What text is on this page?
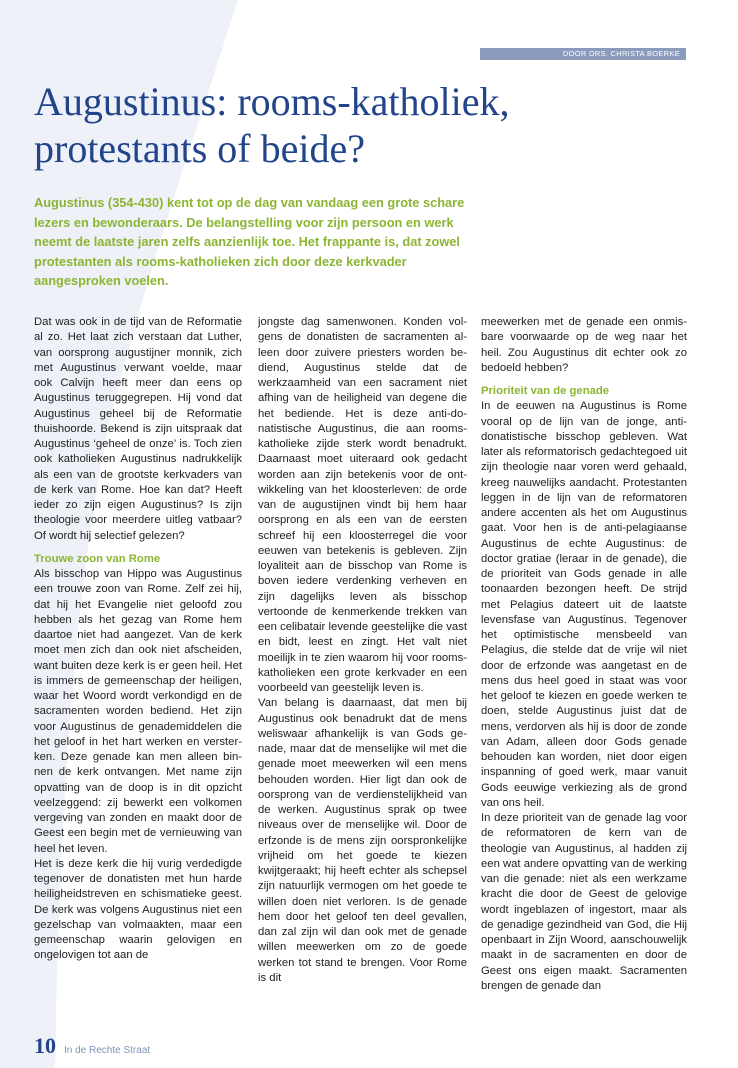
DOOR DRS. CHRISTA BOERKE
Augustinus: rooms-katholiek,
protestants of beide?

Augustinus (354-430) kent tot op de dag van vandaag een grote schare lezers en bewonderaars. De belangstelling voor zijn persoon en werk neemt de laatste jaren zelfs aanzienlijk toe. Het frappante is, dat zowel protestanten als rooms-katholieken zich door deze kerkvader aangesproken voelen.

Dat was ook in de tijd van de Reformatie al zo. Het laat zich verstaan dat Luther, van oorsprong augustijner monnik, zich met Augustinus verwant voelde, maar ook Calvijn heeft meer dan eens op Augustinus teruggegrepen. Hij vond dat Augustinus geheel bij de Reformatie thuishoorde. Bekend is zijn uitspraak dat Augustinus ‘geheel de onze’ is. Toch zien ook katholieken Augustinus nadrukkelijk als een van de grootste kerkvaders van de kerk van Rome. Hoe kan dat? Heeft ieder zo zijn eigen Augustinus? Is zijn theologie voor meerdere uitleg vatbaar? Of wordt hij selectief gelezen?

Trouwe zoon van Rome

Als bisschop van Hippo was Augustinus een trouwe zoon van Rome. Zelf zei hij, dat hij het Evangelie niet geloofd zou hebben als het gezag van Rome hem daartoe niet had aangezet. Van de kerk moet men zich dan ook niet afscheiden, want buiten deze kerk is er geen heil. Het is immers de gemeenschap der heiligen, waar het Woord wordt verkondigd en de sacramenten worden bediend. Het zijn voor Augustinus de genademiddelen die het geloof in het hart werken en versterken. Deze genade kan men alleen binnen de kerk ontvangen. Met name zijn opvatting van de doop is in dit opzicht veelzeggend: zij bewerkt een volkomen vergeving van zonden en maakt door de Geest een begin met de vernieuwing van heel het leven.

Het is deze kerk die hij vurig verdedigde tegenover de donatisten met hun harde heiligheidstreven en schismatieke geest. De kerk was volgens Augustinus niet een gezelschap van volmaakten, maar een gemeenschap waarin gelovigen en ongelovigen tot aan de

jongste dag samenwonen. Konden volgens de donatisten de sacramenten alleen door zuivere priesters worden bediend, Augustinus stelde dat de werkzaamheid van een sacrament niet afhing van de heiligheid van degene die het bediende. Het is deze anti-donatistische Augustinus, die aan rooms-katholieke zijde sterk wordt benadrukt. Daarnaast moet uiteraard ook gedacht worden aan zijn betekenis voor de ontwikkeling van het kloosterleven: de orde van de augustijnen vindt bij hem haar oorsprong en als een van de eersten schreef hij een kloosterregel die voor eeuwen van betekenis is gebleven. Zijn loyaliteit aan de bisschop van Rome is boven iedere verdenking verheven en zijn dagelijks leven als bisschop vertoonde de kenmerkende trekken van een celibatair levende geestelijke die vast en bidt, leest en zingt. Het valt niet moeilijk in te zien waarom hij voor rooms-katholieken een grote kerkvader en een voorbeeld van geestelijk leven is.

Van belang is daarnaast, dat men bij Augustinus ook benadrukt dat de mens weliswaar afhankelijk is van Gods genade, maar dat de menselijke wil met die genade moet meewerken wil een mens behouden worden. Hier ligt dan ook de oorsprong van de verdienstelijkheid van de werken. Augustinus sprak op twee niveaus over de menselijke wil. Door de erfzonde is de mens zijn oorspronkelijke vrijheid om het goede te kiezen kwijtgeraakt; hij heeft echter als schepsel zijn natuurlijk vermogen om het goede te willen doen niet verloren. Is de genade hem door het geloof ten deel gevallen, dan zal zijn wil dan ook met de genade willen meewerken om zo de goede werken tot stand te brengen. Voor Rome is dit

meewerken met de genade een onmisbare voorwaarde op de weg naar het heil. Zou Augustinus dit echter ook zo bedoeld hebben?

Prioriteit van de genade

In de eeuwen na Augustinus is Rome vooral op de lijn van de jonge, anti-donatistische bisschop gebleven. Wat later als reformatorisch gedachtegoed uit zijn theologie naar voren werd gehaald, kreeg nauwelijks aandacht. Protestanten leggen in de lijn van de reformatoren andere accenten als het om Augustinus gaat. Voor hen is de anti-pelagiaanse Augustinus de echte Augustinus: de doctor gratiae (leraar in de genade), die de prioriteit van Gods genade in alle toonaarden bezongen heeft. De strijd met Pelagius dateert uit de laatste levensfase van Augustinus. Tegenover het optimistische mensbeeld van Pelagius, die stelde dat de vrije wil niet door de erfzonde was aangetast en de mens dus heel goed in staat was voor het geloof te kiezen en goede werken te doen, stelde Augustinus juist dat de mens, verdorven als hij is door de zonde van Adam, alleen door Gods genade behouden kan worden, niet door eigen inspanning of goed werk, maar vanuit Gods eeuwige verkiezing als de grond van ons heil.

In deze prioriteit van de genade lag voor de reformatoren de kern van de theologie van Augustinus, al hadden zij een wat andere opvatting van de werking van die genade: niet als een werkzame kracht die door de Geest de gelovige wordt ingeblazen of ingestort, maar als de genadige gezindheid van God, die Hij openbaart in Zijn Woord, aanschouwelijk maakt in de sacramenten en door de Geest ons eigen maakt. Sacramenten brengen de genade dan

10 In de Rechte Straat
